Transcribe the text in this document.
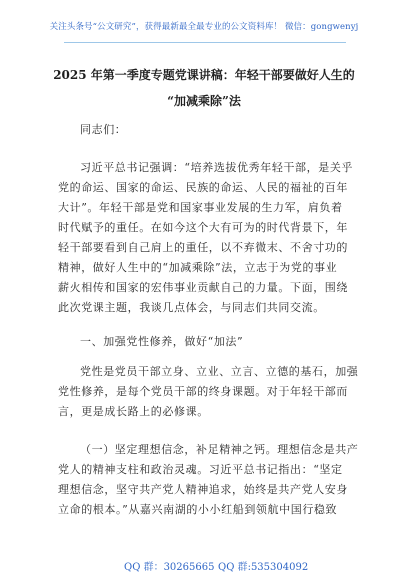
关注头条号“公文研究”，获得最新最全最专业的公文资料库！ 微信：gongwenyj
2025 年第一季度专题党课讲稿：年轻干部要做好人生的
“加减乘除”法
同志们：
习近平总书记强调：“培养选拔优秀年轻干部，是关乎
党的命运、国家的命运、民族的命运、人民的福祉的百年
大计”。年轻干部是党和国家事业发展的生力军，肩负着
时代赋予的重任。在如今这个大有可为的时代背景下，年
轻干部要看到自己肩上的重任，以不弃微末、不舍寸功的
精神，做好人生中的“加减乘除”法，立志于为党的事业
薪火相传和国家的宏伟事业贡献自己的力量。下面，围绕
此次党课主题，我谈几点体会，与同志们共同交流。
一、加强党性修养，做好“加法”
党性是党员干部立身、立业、立言、立德的基石，加强
党性修养，是每个党员干部的终身课题。对于年轻干部而
言，更是成长路上的必修课。
（一）坚定理想信念，补足精神之钙。理想信念是共产
党人的精神支柱和政治灵魂。习近平总书记指出：“坚定
理想信念，坚守共产党人精神追求，始终是共产党人安身
立命的根本。”从嘉兴南湖的小小红船到领航中国行稳致
QQ 群：30265665 QQ 群:535304092
